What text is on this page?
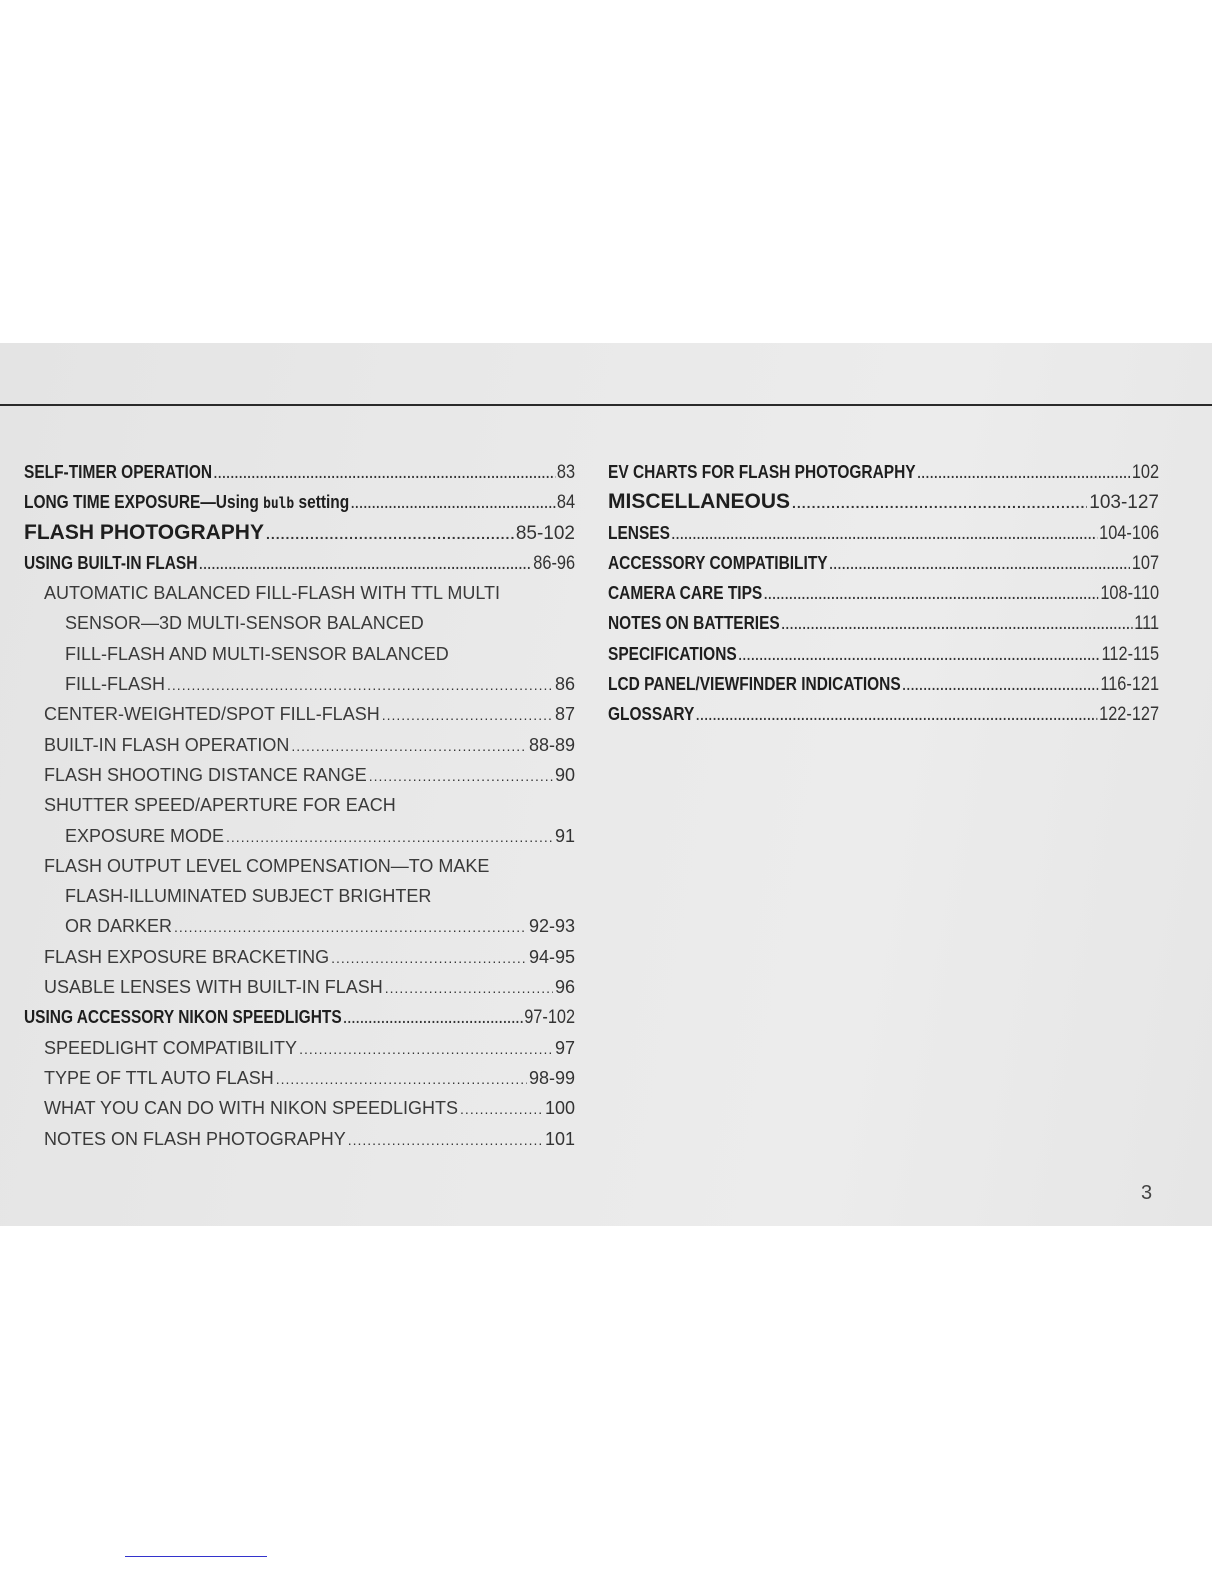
SELF-TIMER OPERATION .....	83
LONG TIME EXPOSURE—Using bulb setting .....	84
FLASH PHOTOGRAPHY .....	85-102
USING BUILT-IN FLASH .....	86-96
AUTOMATIC BALANCED FILL-FLASH WITH TTL MULTI
SENSOR—3D MULTI-SENSOR BALANCED
FILL-FLASH AND MULTI-SENSOR BALANCED
FILL-FLASH .....	86
CENTER-WEIGHTED/SPOT FILL-FLASH .....	87
BUILT-IN FLASH OPERATION .....	88-89
FLASH SHOOTING DISTANCE RANGE .....	90
SHUTTER SPEED/APERTURE FOR EACH
EXPOSURE MODE .....	91
FLASH OUTPUT LEVEL COMPENSATION—TO MAKE
FLASH-ILLUMINATED SUBJECT BRIGHTER
OR DARKER .....	92-93
FLASH EXPOSURE BRACKETING .....	94-95
USABLE LENSES WITH BUILT-IN FLASH .....	96
USING ACCESSORY NIKON SPEEDLIGHTS .....	97-102
SPEEDLIGHT COMPATIBILITY .....	97
TYPE OF TTL AUTO FLASH .....	98-99
WHAT YOU CAN DO WITH NIKON SPEEDLIGHTS .....	100
NOTES ON FLASH PHOTOGRAPHY .....	101
EV CHARTS FOR FLASH PHOTOGRAPHY .....	102
MISCELLANEOUS .....	103-127
LENSES .....	104-106
ACCESSORY COMPATIBILITY .....	107
CAMERA CARE TIPS .....	108-110
NOTES ON BATTERIES .....	111
SPECIFICATIONS .....	112-115
LCD PANEL/VIEWFINDER INDICATIONS .....	116-121
GLOSSARY .....	122-127
3
